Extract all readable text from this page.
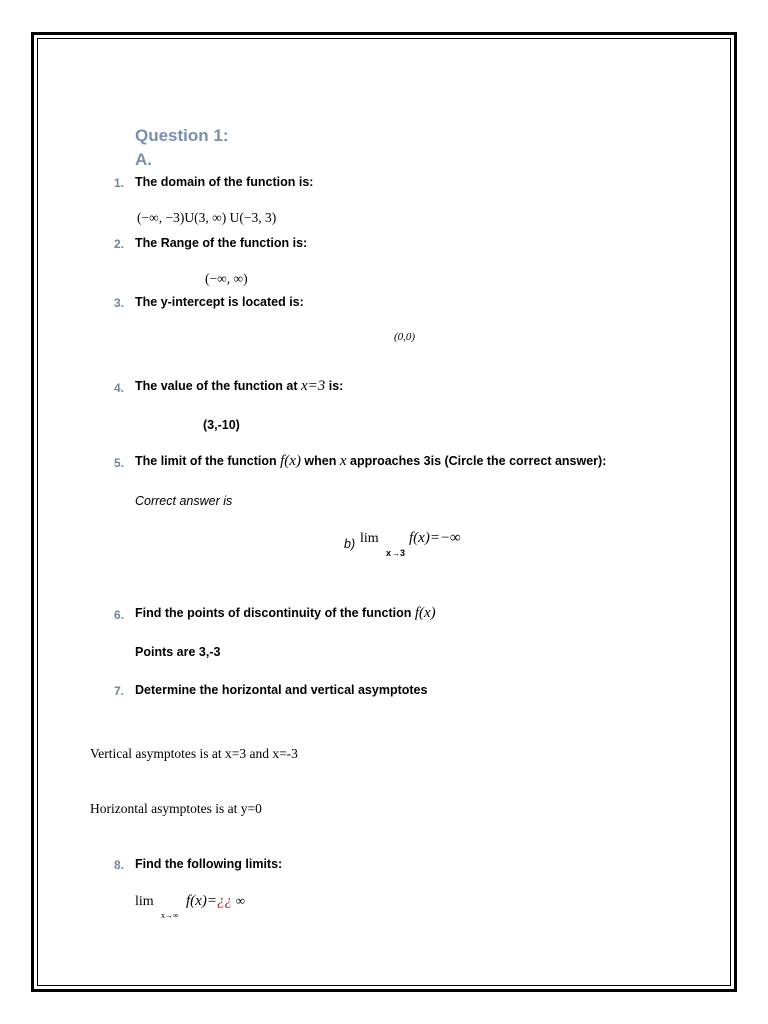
Question 1:
A.
1. The domain of the function is:
(−∞, −3)U(3, ∞) U(−3, 3)
2. The Range of the function is:
(−∞, ∞)
3. The y-intercept is located is:
(0,0)
4. The value of the function at x=3 is:
(3,-10)
5. The limit of the function f(x) when x approaches 3is (Circle the correct answer):
Correct answer is
b) lim
x→3
f(x)=−∞
6. Find the points of discontinuity of the function f(x)
Points are 3,-3
7. Determine the horizontal and vertical asymptotes
Vertical asymptotes is at x=3 and x=-3
Horizontal asymptotes is at y=0
8. Find the following limits:
lim
x→∞
f(x)=¿¿ ∞
